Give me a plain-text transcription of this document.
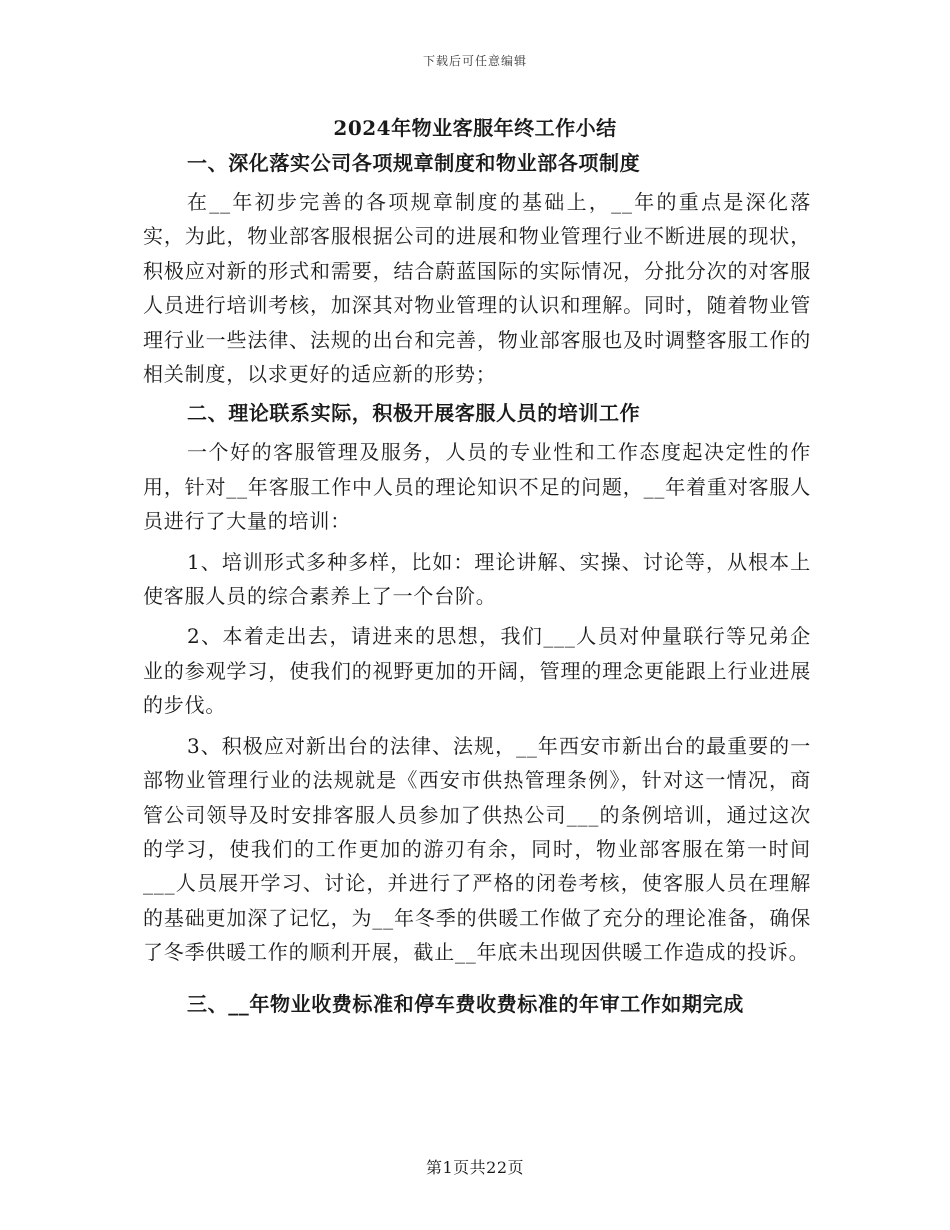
下载后可任意编辑
2024年物业客服年终工作小结
一、深化落实公司各项规章制度和物业部各项制度

在__年初步完善的各项规章制度的基础上，__年的重点是深化落实，为此，物业部客服根据公司的进展和物业管理行业不断进展的现状，积极应对新的形式和需要，结合蔚蓝国际的实际情况，分批分次的对客服人员进行培训考核，加深其对物业管理的认识和理解。同时，随着物业管理行业一些法律、法规的出台和完善，物业部客服也及时调整客服工作的相关制度，以求更好的适应新的形势；

二、理论联系实际，积极开展客服人员的培训工作

一个好的客服管理及服务，人员的专业性和工作态度起决定性的作用，针对__年客服工作中人员的理论知识不足的问题，__年着重对客服人员进行了大量的培训：

1、培训形式多种多样，比如：理论讲解、实操、讨论等，从根本上使客服人员的综合素养上了一个台阶。

2、本着走出去，请进来的思想，我们___人员对仲量联行等兄弟企业的参观学习，使我们的视野更加的开阔，管理的理念更能跟上行业进展的步伐。

3、积极应对新出台的法律、法规，__年西安市新出台的最重要的一部物业管理行业的法规就是《西安市供热管理条例》，针对这一情况，商管公司领导及时安排客服人员参加了供热公司___的条例培训，通过这次的学习，使我们的工作更加的游刃有余，同时，物业部客服在第一时间___人员展开学习、讨论，并进行了严格的闭卷考核，使客服人员在理解的基础更加深了记忆，为__年冬季的供暖工作做了充分的理论准备，确保了冬季供暖工作的顺利开展，截止__年底未出现因供暖工作造成的投诉。

三、__年物业收费标准和停车费收费标准的年审工作如期完成
第1页共22页
